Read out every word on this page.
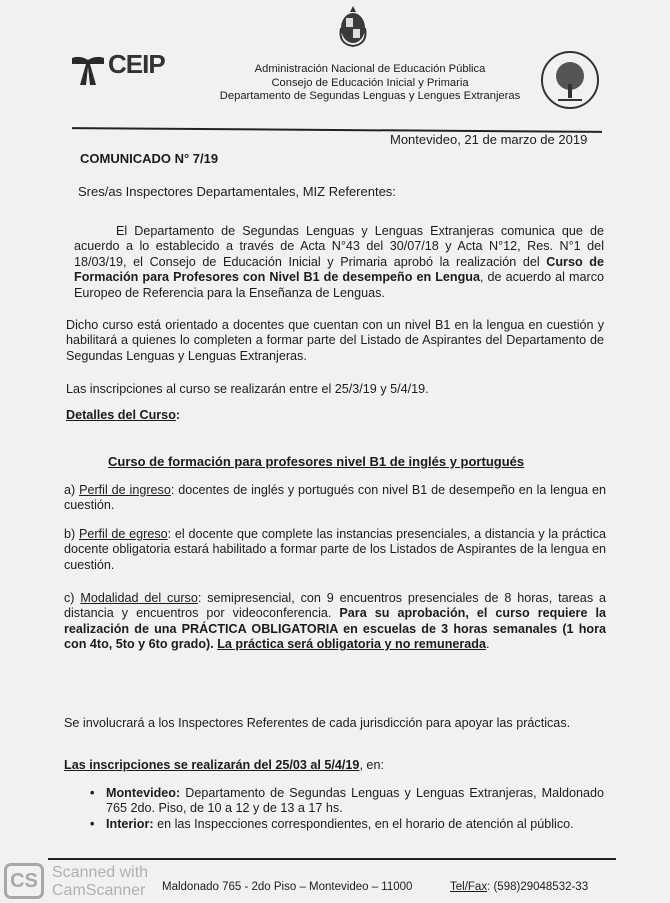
CEIP	Administración Nacional de Educación Pública
Consejo de Educación Inicial y Primaria
Departamento de Segundas Lenguas y Lengues Extranjeras
Montevideo, 21 de marzo de 2019
COMUNICADO N° 7/19
Sres/as Inspectores Departamentales, MIZ Referentes:
El Departamento de Segundas Lenguas y Lenguas Extranjeras comunica que de acuerdo a lo establecido a través de Acta N°43 del 30/07/18 y Acta N°12, Res. N°1 del 18/03/19, el Consejo de Educación Inicial y Primaria aprobó la realización del Curso de Formación para Profesores con Nivel B1 de desempeño en Lengua, de acuerdo al marco Europeo de Referencia para la Enseñanza de Lenguas.
Dicho curso está orientado a docentes que cuentan con un nivel B1 en la lengua en cuestión y habilitará a quienes lo completen a formar parte del Listado de Aspirantes del Departamento de Segundas Lenguas y Lenguas Extranjeras.
Las inscripciones al curso se realizarán entre el 25/3/19 y 5/4/19.
Detalles del Curso:
Curso de formación para profesores nivel B1 de inglés y portugués
a) Perfil de ingreso: docentes de inglés y portugués con nivel B1 de desempeño en la lengua en cuestión.
b) Perfil de egreso: el docente que complete las instancias presenciales, a distancia y la práctica docente obligatoria estará habilitado a formar parte de los Listados de Aspirantes de la lengua en cuestión.
c) Modalidad del curso: semipresencial, con 9 encuentros presenciales de 8 horas, tareas a distancia y encuentros por videoconferencia. Para su aprobación, el curso requiere la realización de una PRÁCTICA OBLIGATORIA en escuelas de 3 horas semanales (1 hora con 4to, 5to y 6to grado). La práctica será obligatoria y no remunerada.
Se involucrará a los Inspectores Referentes de cada jurisdicción para apoyar las prácticas.
Las inscripciones se realizarán del 25/03 al 5/4/19, en:
• Montevideo: Departamento de Segundas Lenguas y Lenguas Extranjeras, Maldonado 765 2do. Piso, de 10 a 12 y de 13 a 17 hs.
• Interior: en las Inspecciones correspondientes, en el horario de atención al público.
CS Scanned with
CamScanner Maldonado 765 - 2do Piso – Montevideo – 11000	Tel/Fax: (598)29048532-33
